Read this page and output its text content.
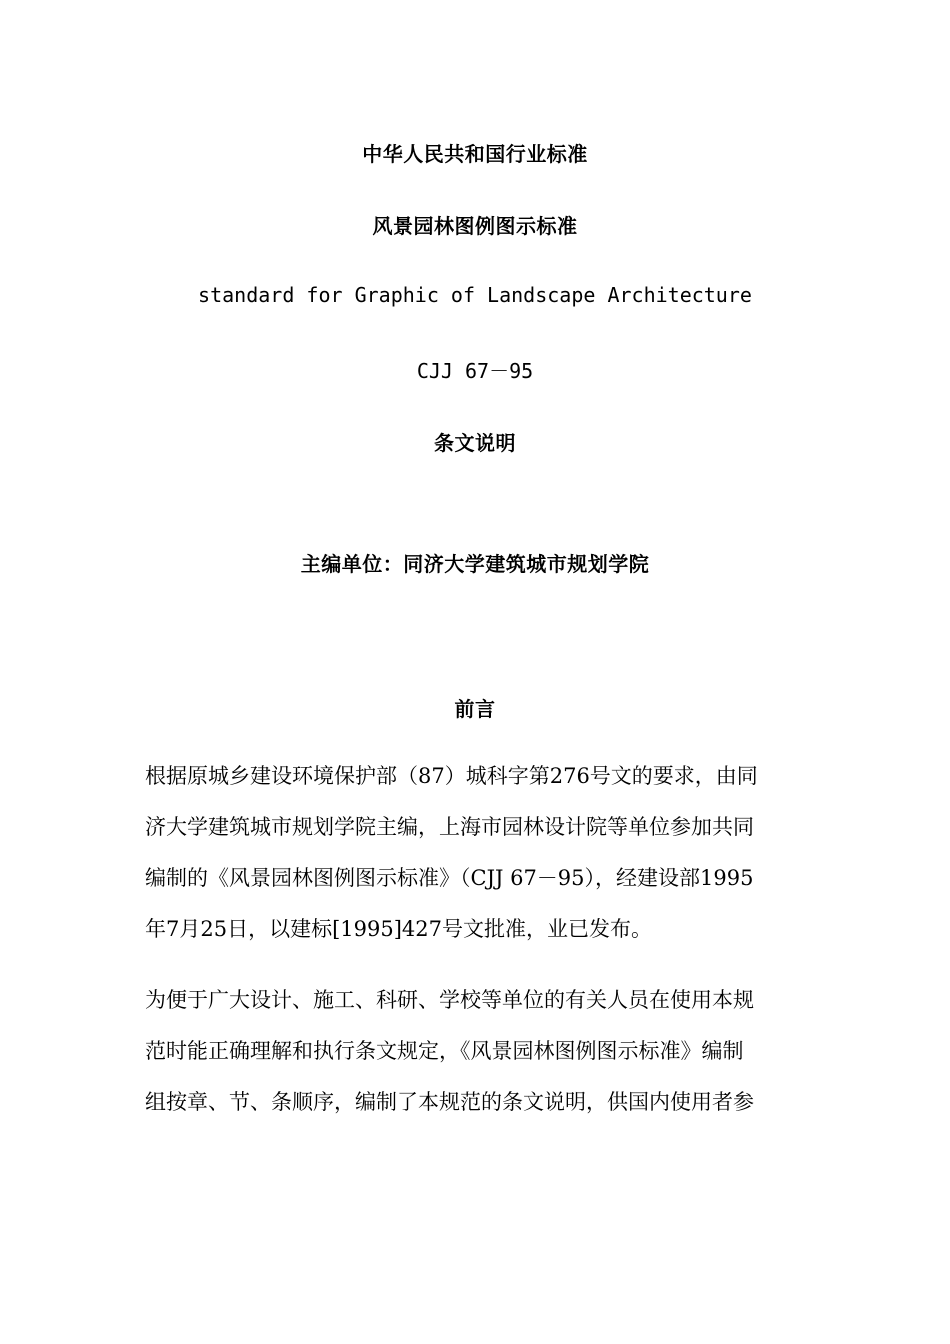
中华人民共和国行业标准
风景园林图例图示标准
standard for Graphic of Landscape Architecture
CJJ 67－95
条文说明
主编单位：同济大学建筑城市规划学院
前言
根据原城乡建设环境保护部（87）城科字第276号文的要求，由同
济大学建筑城市规划学院主编，上海市园林设计院等单位参加共同
编制的《风景园林图例图示标准》（CJJ 67－95），经建设部1995
年7月25日，以建标[1995]427号文批准，业已发布。
为便于广大设计、施工、科研、学校等单位的有关人员在使用本规
范时能正确理解和执行条文规定，《风景园林图例图示标准》编制
组按章、节、条顺序，编制了本规范的条文说明，供国内使用者参
